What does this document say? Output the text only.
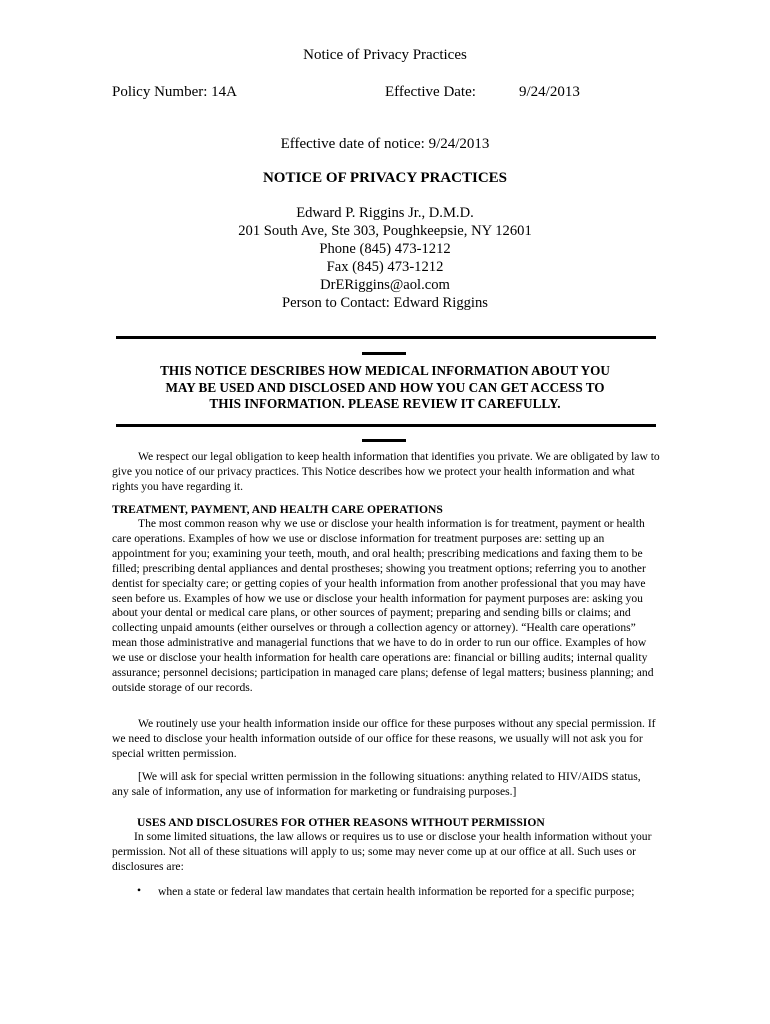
Notice of Privacy Practices
Policy Number: 14A	Effective Date:	9/24/2013
Effective date of notice: 9/24/2013
NOTICE OF PRIVACY PRACTICES
Edward P. Riggins Jr., D.M.D.
201 South Ave, Ste 303, Poughkeepsie, NY 12601
Phone (845) 473-1212
Fax (845) 473-1212
DrERiggins@aol.com
Person to Contact: Edward Riggins
THIS NOTICE DESCRIBES HOW MEDICAL INFORMATION ABOUT YOU
MAY BE USED AND DISCLOSED AND HOW YOU CAN GET ACCESS TO
THIS INFORMATION. PLEASE REVIEW IT CAREFULLY.
We respect our legal obligation to keep health information that identifies you private. We are obligated by law to give you notice of our privacy practices. This Notice describes how we protect your health information and what rights you have regarding it.
TREATMENT, PAYMENT, AND HEALTH CARE OPERATIONS
The most common reason why we use or disclose your health information is for treatment, payment or health care operations. Examples of how we use or disclose information for treatment purposes are: setting up an appointment for you; examining your teeth, mouth, and oral health; prescribing medications and faxing them to be filled; prescribing dental appliances and dental prostheses; showing you treatment options; referring you to another dentist for specialty care; or getting copies of your health information from another professional that you may have seen before us. Examples of how we use or disclose your health information for payment purposes are: asking you about your dental or medical care plans, or other sources of payment; preparing and sending bills or claims; and collecting unpaid amounts (either ourselves or through a collection agency or attorney). “Health care operations” mean those administrative and managerial functions that we have to do in order to run our office. Examples of how we use or disclose your health information for health care operations are: financial or billing audits; internal quality assurance; personnel decisions; participation in managed care plans; defense of legal matters; business planning; and outside storage of our records.
We routinely use your health information inside our office for these purposes without any special permission. If we need to disclose your health information outside of our office for these reasons, we usually will not ask you for special written permission.
[We will ask for special written permission in the following situations: anything related to HIV/AIDS status, any sale of information, any use of information for marketing or fundraising purposes.]
USES AND DISCLOSURES FOR OTHER REASONS WITHOUT PERMISSION
In some limited situations, the law allows or requires us to use or disclose your health information without your permission. Not all of these situations will apply to us; some may never come up at our office at all. Such uses or disclosures are:
• when a state or federal law mandates that certain health information be reported for a specific purpose;
